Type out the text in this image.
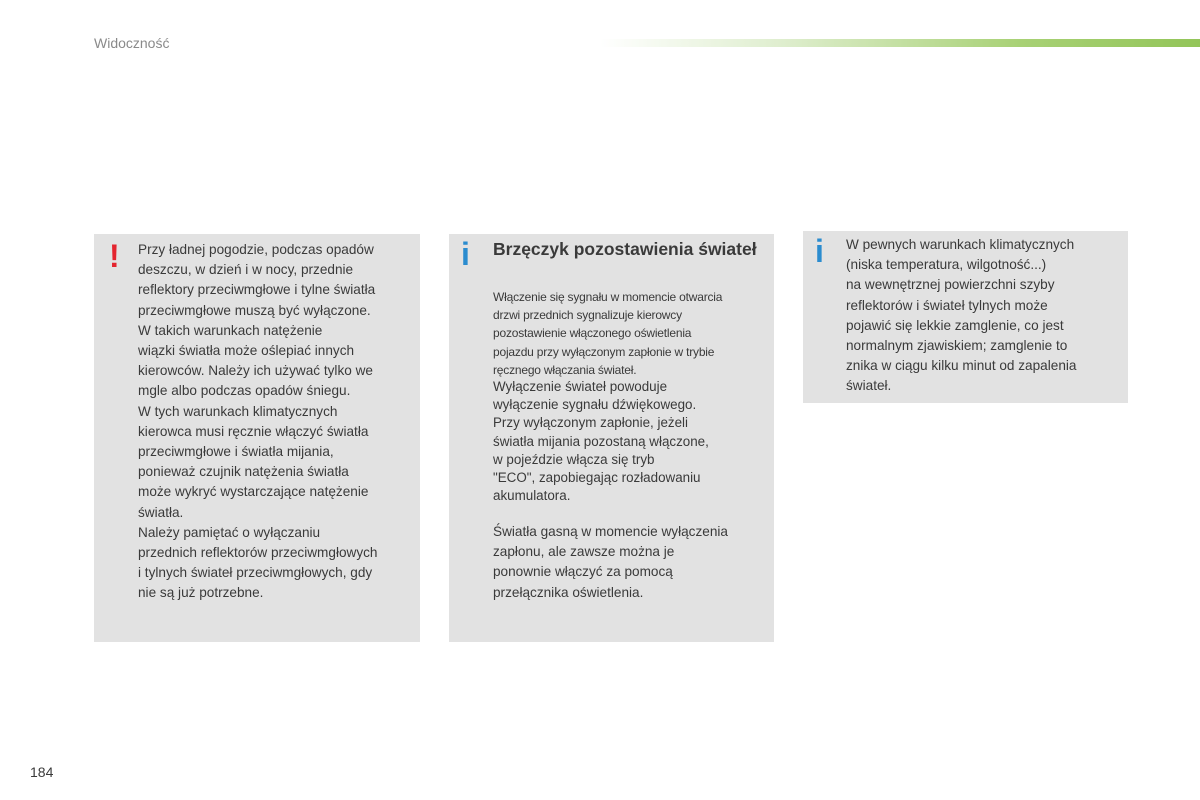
Widoczność
! Przy ładnej pogodzie, podczas opadów
deszczu, w dzień i w nocy, przednie
reflektory przeciwmgłowe i tylne światła
przeciwmgłowe muszą być wyłączone.
W takich warunkach natężenie
wiązki światła może oślepiać innych
kierowców. Należy ich używać tylko we
mgle albo podczas opadów śniegu.
W tych warunkach klimatycznych
kierowca musi ręcznie włączyć światła
przeciwmgłowe i światła mijania,
ponieważ czujnik natężenia światła
może wykryć wystarczające natężenie
światła.
Należy pamiętać o wyłączaniu
przednich reflektorów przeciwmgłowych
i tylnych świateł przeciwmgłowych, gdy
nie są już potrzebne.
i Brzęczyk pozostawienia świateł
Włączenie się sygnału w momencie otwarcia
drzwi przednich sygnalizuje kierowcy
pozostawienie włączonego oświetlenia
pojazdu przy wyłączonym zapłonie w trybie
ręcznego włączania świateł.
Wyłączenie świateł powoduje
wyłączenie sygnału dźwiękowego.
Przy wyłączonym zapłonie, jeżeli
światła mijania pozostaną włączone,
w pojeździe włącza się tryb
"ECO", zapobiegając rozładowaniu
akumulatora.
Światła gasną w momencie wyłączenia
zapłonu, ale zawsze można je
ponownie włączyć za pomocą
przełącznika oświetlenia.
i W pewnych warunkach klimatycznych
(niska temperatura, wilgotność...)
na wewnętrznej powierzchni szyby
reflektorów i świateł tylnych może
pojawić się lekkie zamglenie, co jest
normalnym zjawiskiem; zamglenie to
znika w ciągu kilku minut od zapalenia
świateł.
184
